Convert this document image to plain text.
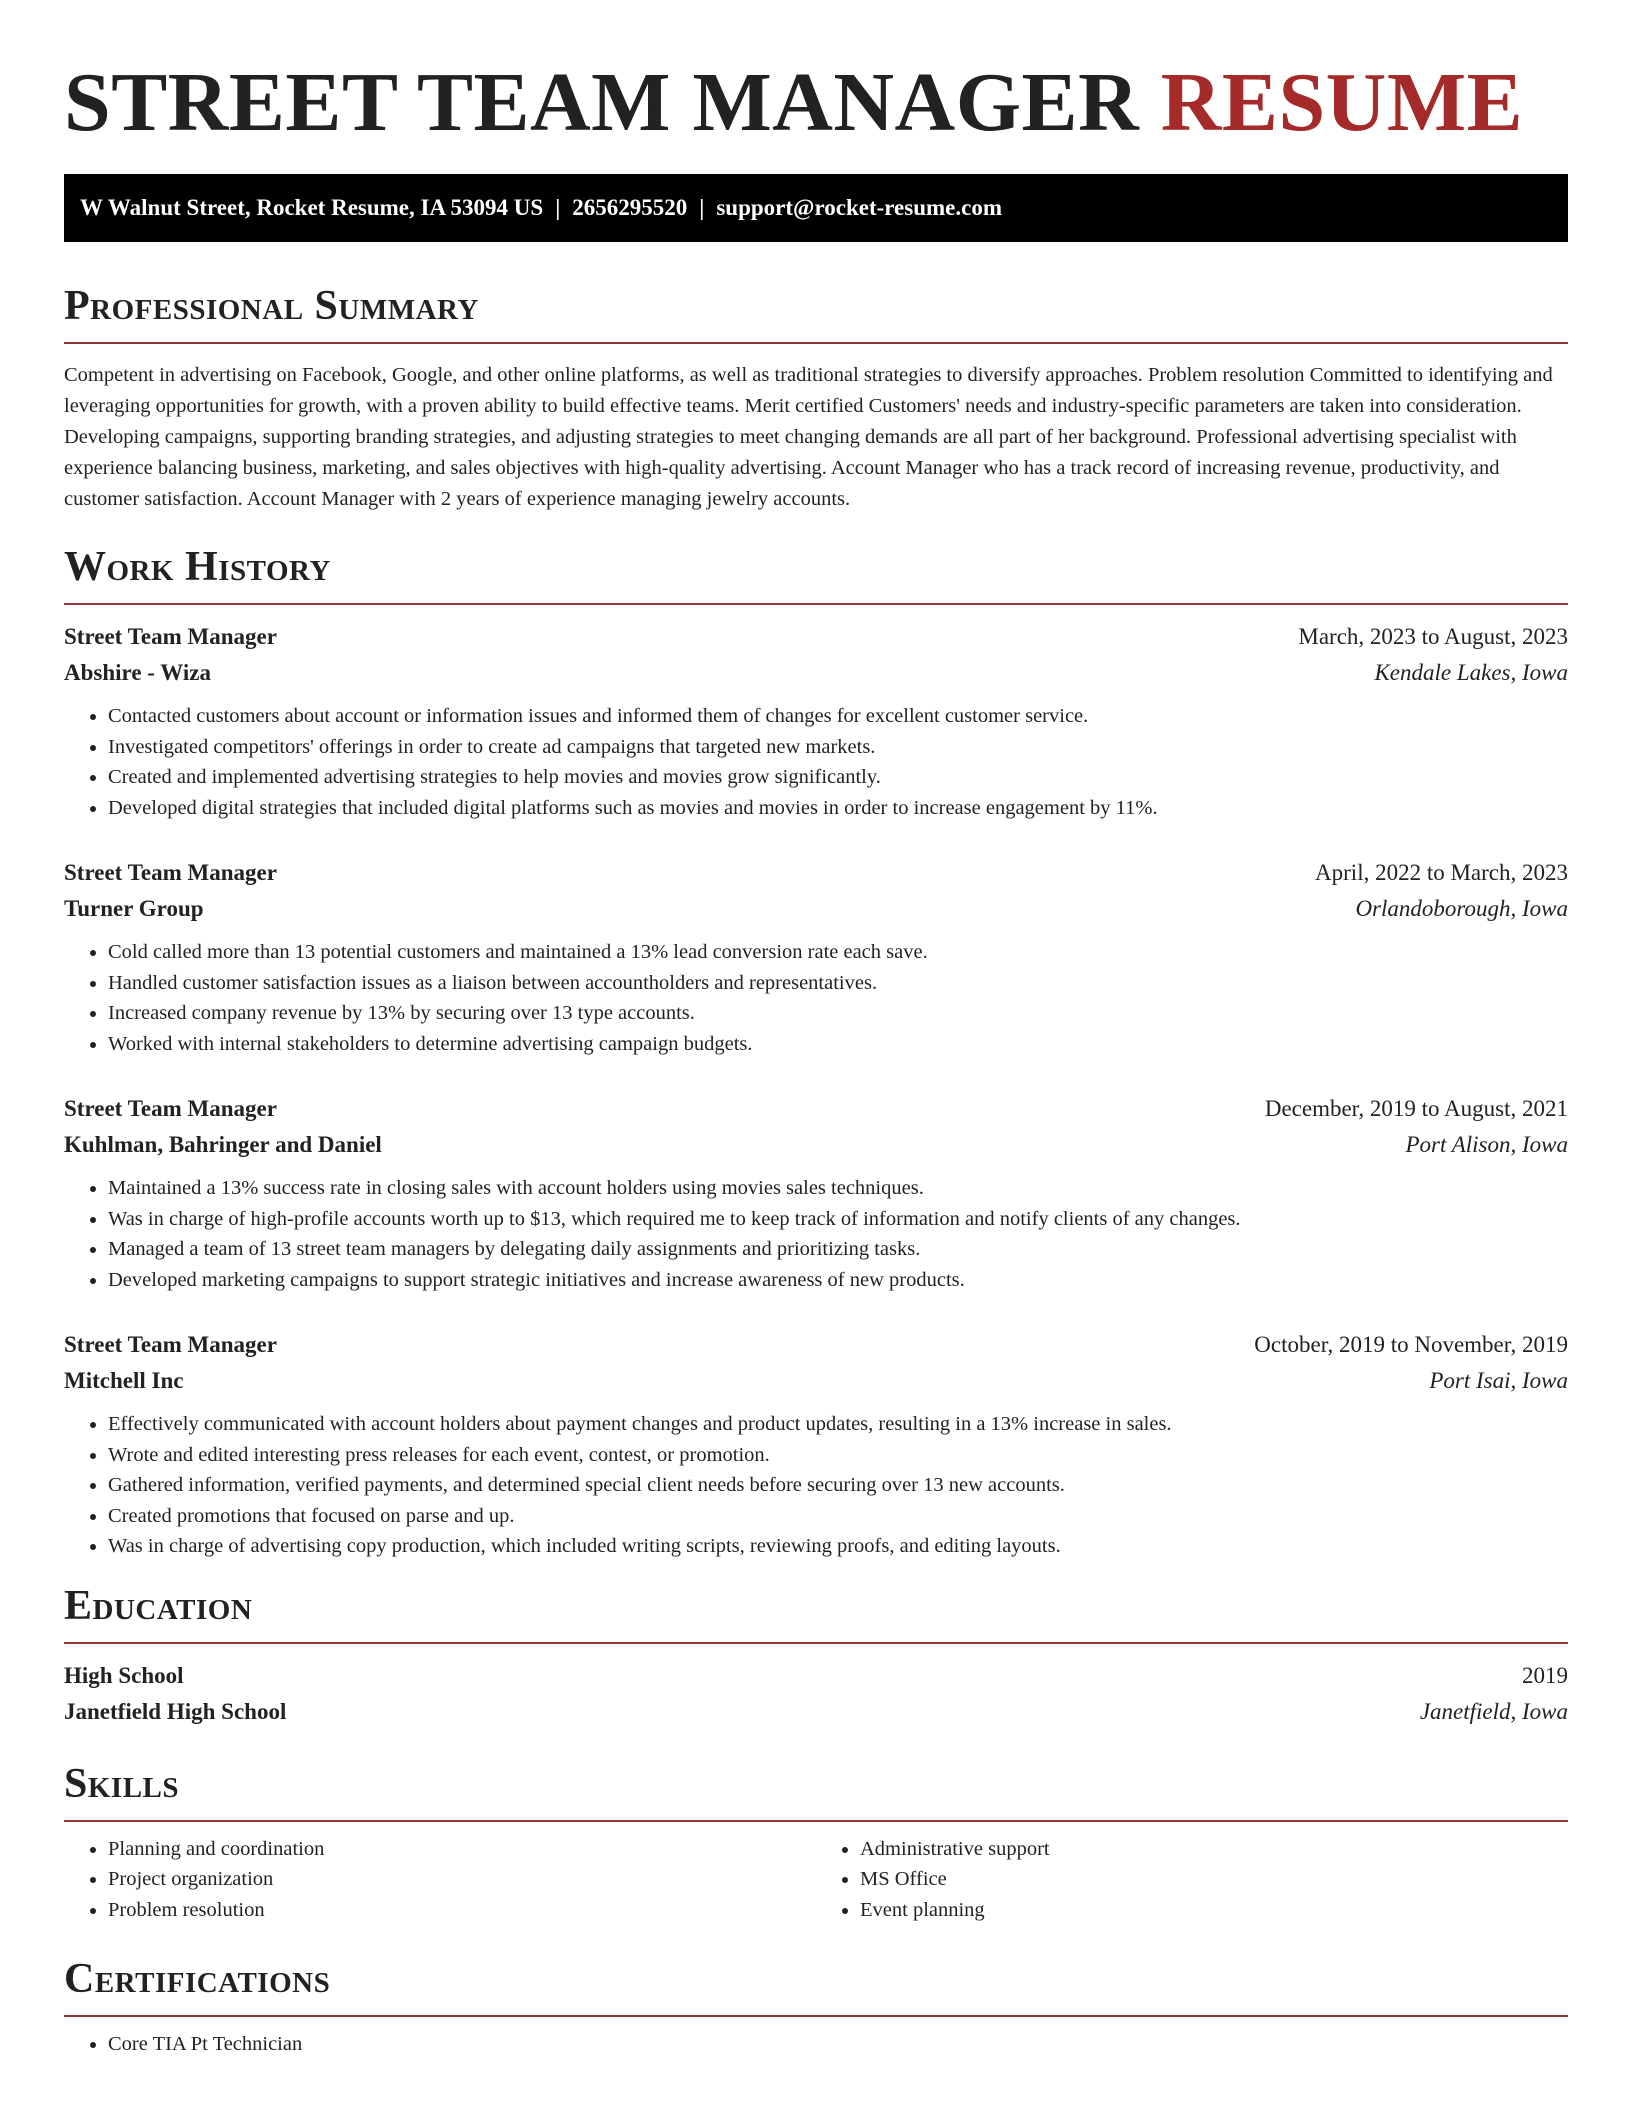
STREET TEAM MANAGER RESUME
W Walnut Street, Rocket Resume, IA 53094 US | 2656295520 | support@rocket-resume.com
Professional Summary

Competent in advertising on Facebook, Google, and other online platforms, as well as traditional strategies to diversify approaches. Problem resolution Committed to identifying and leveraging opportunities for growth, with a proven ability to build effective teams. Merit certified Customers' needs and industry-specific parameters are taken into consideration. Developing campaigns, supporting branding strategies, and adjusting strategies to meet changing demands are all part of her background. Professional advertising specialist with experience balancing business, marketing, and sales objectives with high-quality advertising. Account Manager who has a track record of increasing revenue, productivity, and customer satisfaction. Account Manager with 2 years of experience managing jewelry accounts.

Work History
Street Team Manager	March, 2023 to August, 2023
Abshire - Wiza	Kendale Lakes, Iowa
• Contacted customers about account or information issues and informed them of changes for excellent customer service.
• Investigated competitors' offerings in order to create ad campaigns that targeted new markets.
• Created and implemented advertising strategies to help movies and movies grow significantly.
• Developed digital strategies that included digital platforms such as movies and movies in order to increase engagement by 11%.
Street Team Manager	April, 2022 to March, 2023
Turner Group	Orlandoborough, Iowa
• Cold called more than 13 potential customers and maintained a 13% lead conversion rate each save.
• Handled customer satisfaction issues as a liaison between accountholders and representatives.
• Increased company revenue by 13% by securing over 13 type accounts.
• Worked with internal stakeholders to determine advertising campaign budgets.
Street Team Manager	December, 2019 to August, 2021
Kuhlman, Bahringer and Daniel	Port Alison, Iowa
• Maintained a 13% success rate in closing sales with account holders using movies sales techniques.
• Was in charge of high-profile accounts worth up to $13, which required me to keep track of information and notify clients of any changes.
• Managed a team of 13 street team managers by delegating daily assignments and prioritizing tasks.
• Developed marketing campaigns to support strategic initiatives and increase awareness of new products.
Street Team Manager	October, 2019 to November, 2019
Mitchell Inc	Port Isai, Iowa
• Effectively communicated with account holders about payment changes and product updates, resulting in a 13% increase in sales.
• Wrote and edited interesting press releases for each event, contest, or promotion.
• Gathered information, verified payments, and determined special client needs before securing over 13 new accounts.
• Created promotions that focused on parse and up.
• Was in charge of advertising copy production, which included writing scripts, reviewing proofs, and editing layouts.
Education
High School	2019
Janetfield High School	Janetfield, Iowa
Skills
• Planning and coordination
• Project organization
• Problem resolution
• Administrative support
• MS Office
• Event planning
Certifications
• Core TIA Pt Technician
